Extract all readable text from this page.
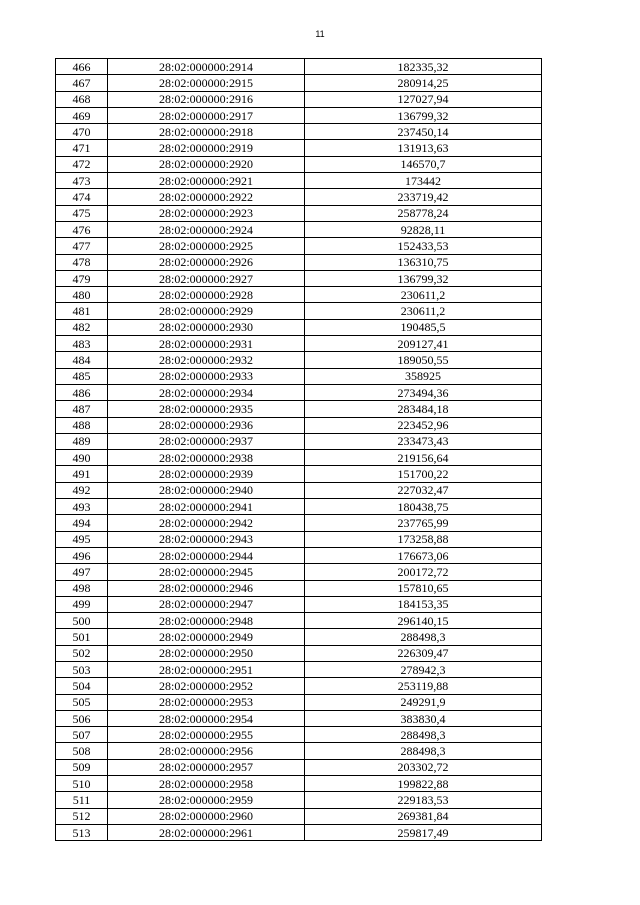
11
466	28:02:000000:2914	182335,32
467	28:02:000000:2915	280914,25
468	28:02:000000:2916	127027,94
469	28:02:000000:2917	136799,32
470	28:02:000000:2918	237450,14
471	28:02:000000:2919	131913,63
472	28:02:000000:2920	146570,7
473	28:02:000000:2921	173442
474	28:02:000000:2922	233719,42
475	28:02:000000:2923	258778,24
476	28:02:000000:2924	92828,11
477	28:02:000000:2925	152433,53
478	28:02:000000:2926	136310,75
479	28:02:000000:2927	136799,32
480	28:02:000000:2928	230611,2
481	28:02:000000:2929	230611,2
482	28:02:000000:2930	190485,5
483	28:02:000000:2931	209127,41
484	28:02:000000:2932	189050,55
485	28:02:000000:2933	358925
486	28:02:000000:2934	273494,36
487	28:02:000000:2935	283484,18
488	28:02:000000:2936	223452,96
489	28:02:000000:2937	233473,43
490	28:02:000000:2938	219156,64
491	28:02:000000:2939	151700,22
492	28:02:000000:2940	227032,47
493	28:02:000000:2941	180438,75
494	28:02:000000:2942	237765,99
495	28:02:000000:2943	173258,88
496	28:02:000000:2944	176673,06
497	28:02:000000:2945	200172,72
498	28:02:000000:2946	157810,65
499	28:02:000000:2947	184153,35
500	28:02:000000:2948	296140,15
501	28:02:000000:2949	288498,3
502	28:02:000000:2950	226309,47
503	28:02:000000:2951	278942,3
504	28:02:000000:2952	253119,88
505	28:02:000000:2953	249291,9
506	28:02:000000:2954	383830,4
507	28:02:000000:2955	288498,3
508	28:02:000000:2956	288498,3
509	28:02:000000:2957	203302,72
510	28:02:000000:2958	199822,88
511	28:02:000000:2959	229183,53
512	28:02:000000:2960	269381,84
513	28:02:000000:2961	259817,49
